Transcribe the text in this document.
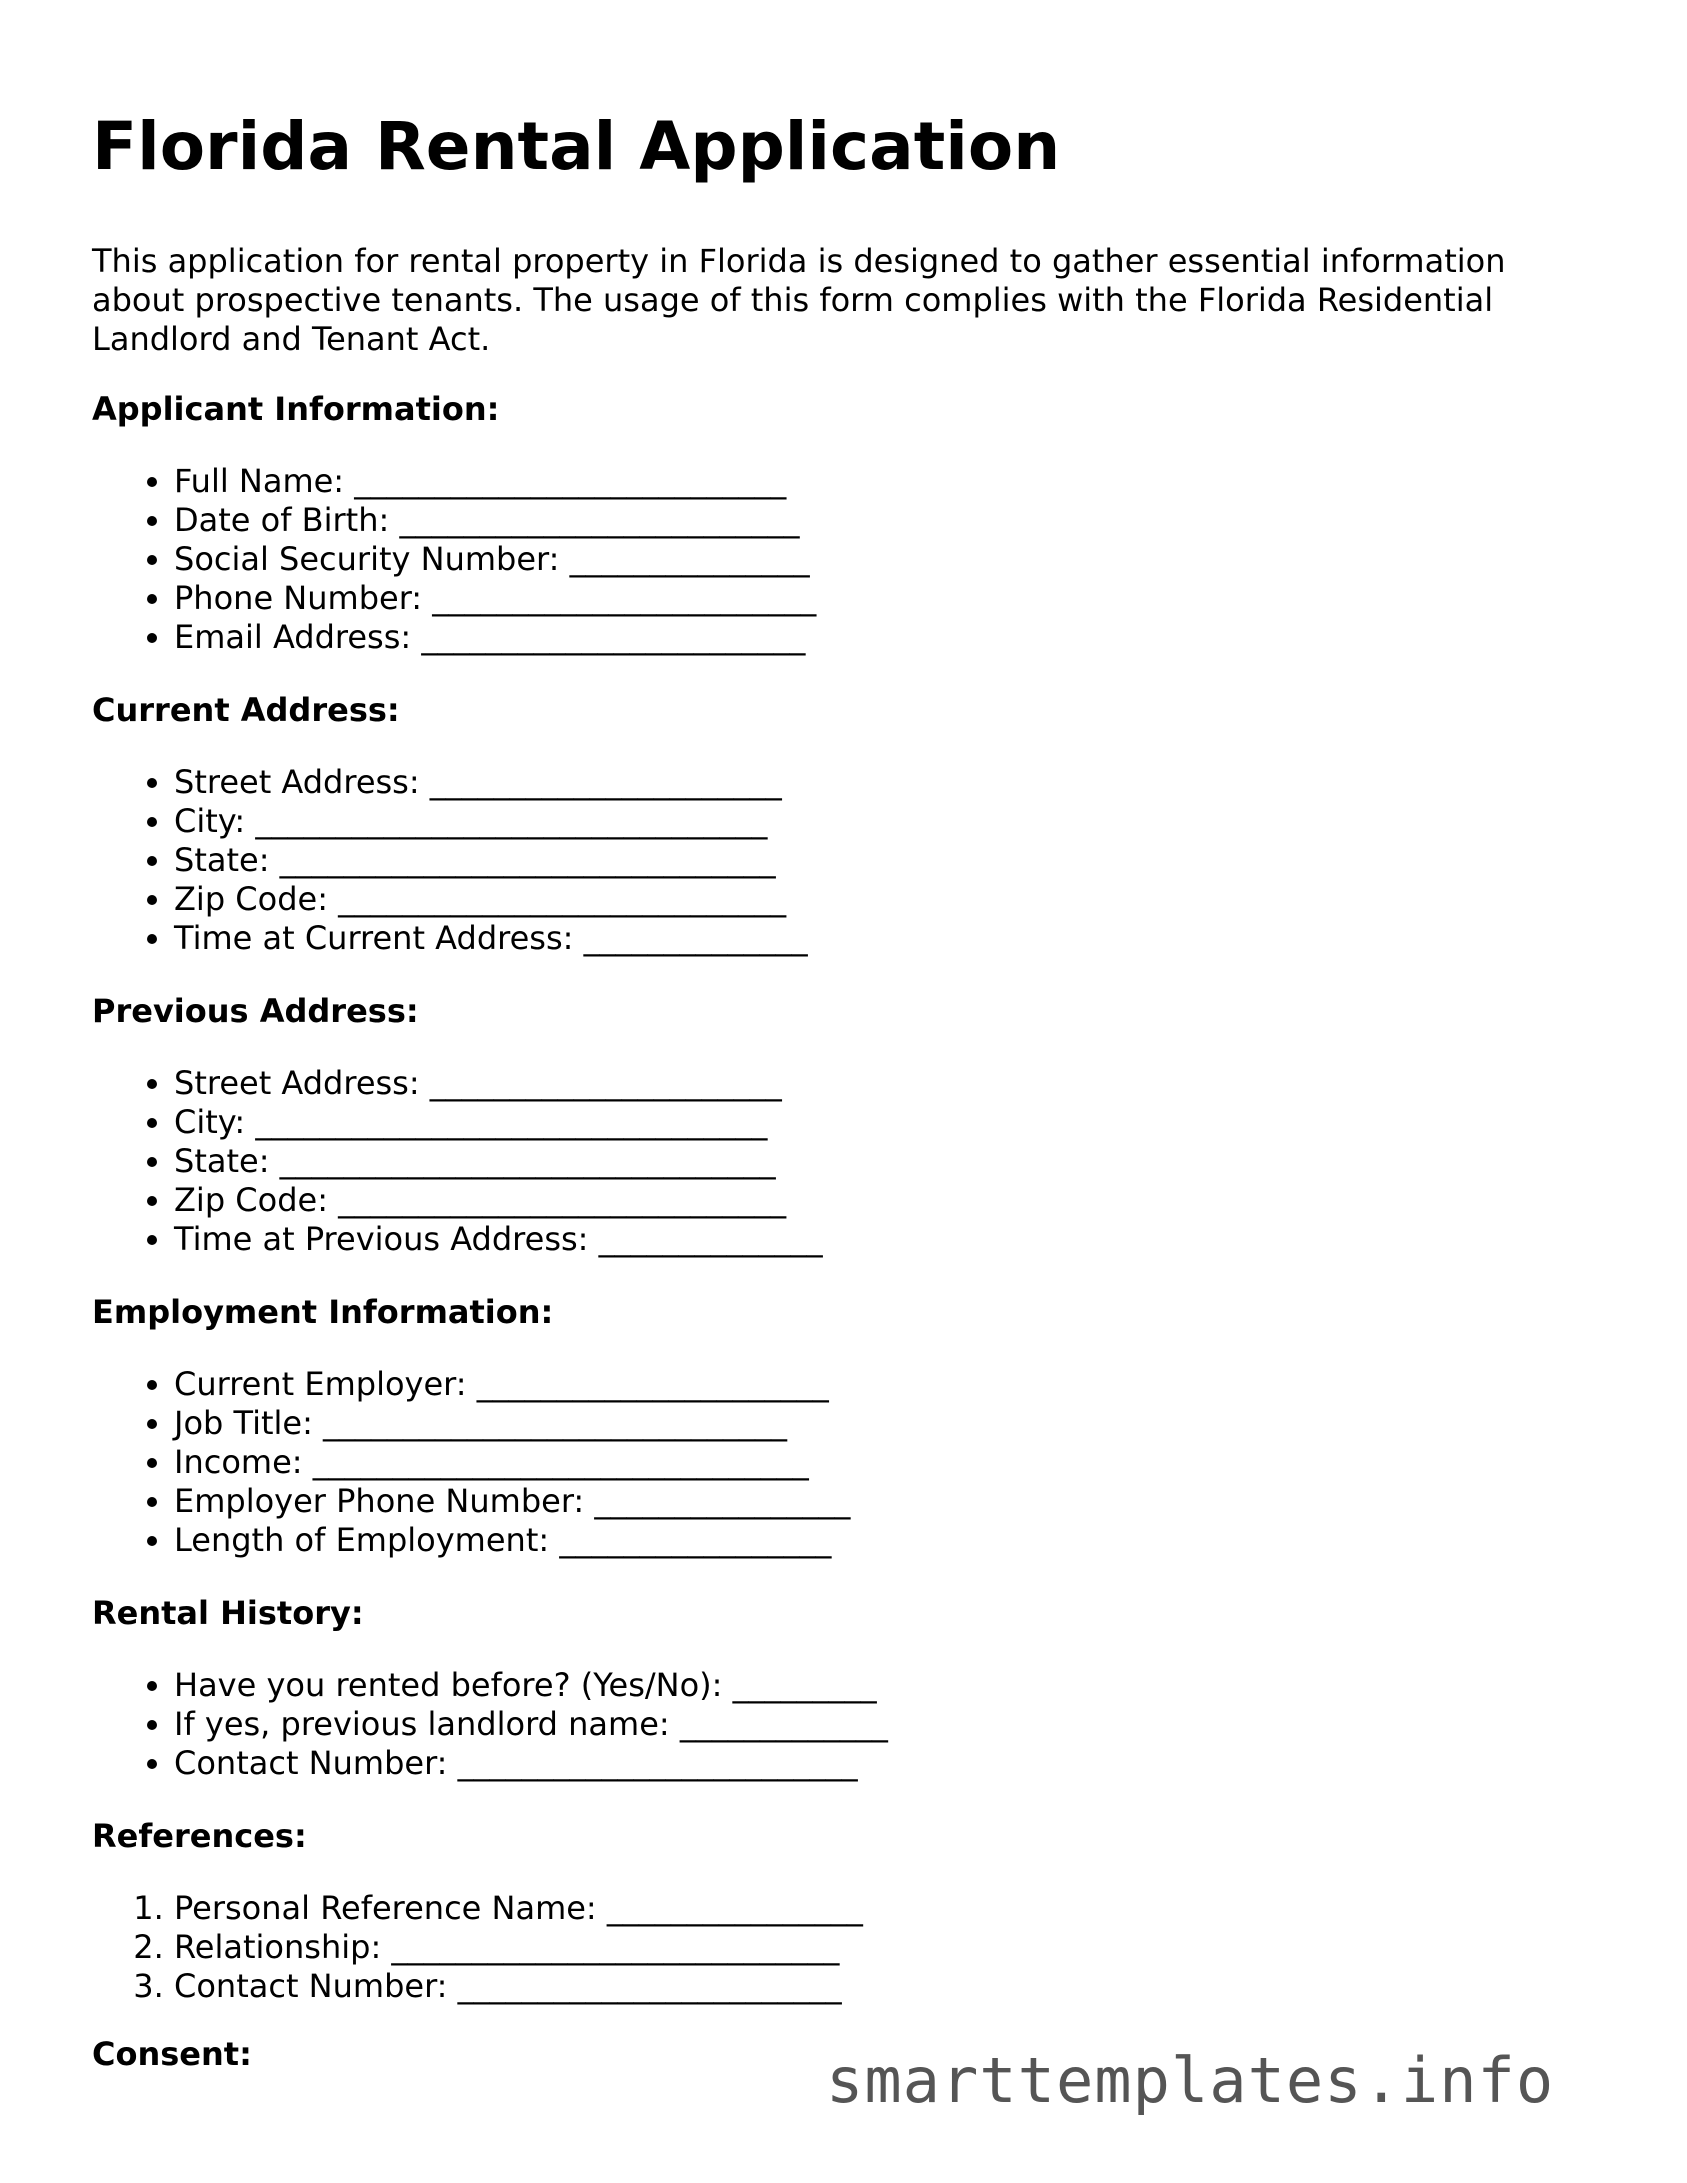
Florida Rental Application

This application for rental property in Florida is designed to gather essential information about prospective tenants. The usage of this form complies with the Florida Residential Landlord and Tenant Act.

Applicant Information:
• Full Name: ___________________________
• Date of Birth: _________________________
• Social Security Number: _______________
• Phone Number: ________________________
• Email Address: ________________________
Current Address:
• Street Address: ______________________
• City: ________________________________
• State: _______________________________
• Zip Code: ____________________________
• Time at Current Address: ______________
Previous Address:
• Street Address: ______________________
• City: ________________________________
• State: _______________________________
• Zip Code: ____________________________
• Time at Previous Address: ______________
Employment Information:
• Current Employer: ______________________
• Job Title: _____________________________
• Income: _______________________________
• Employer Phone Number: ________________
• Length of Employment: _________________
Rental History:
• Have you rented before? (Yes/No): _________
• If yes, previous landlord name: _____________
• Contact Number: _________________________
References:
1. Personal Reference Name: ________________
2. Relationship: ____________________________
3. Contact Number: ________________________
Consent:	smarttemplates.info
